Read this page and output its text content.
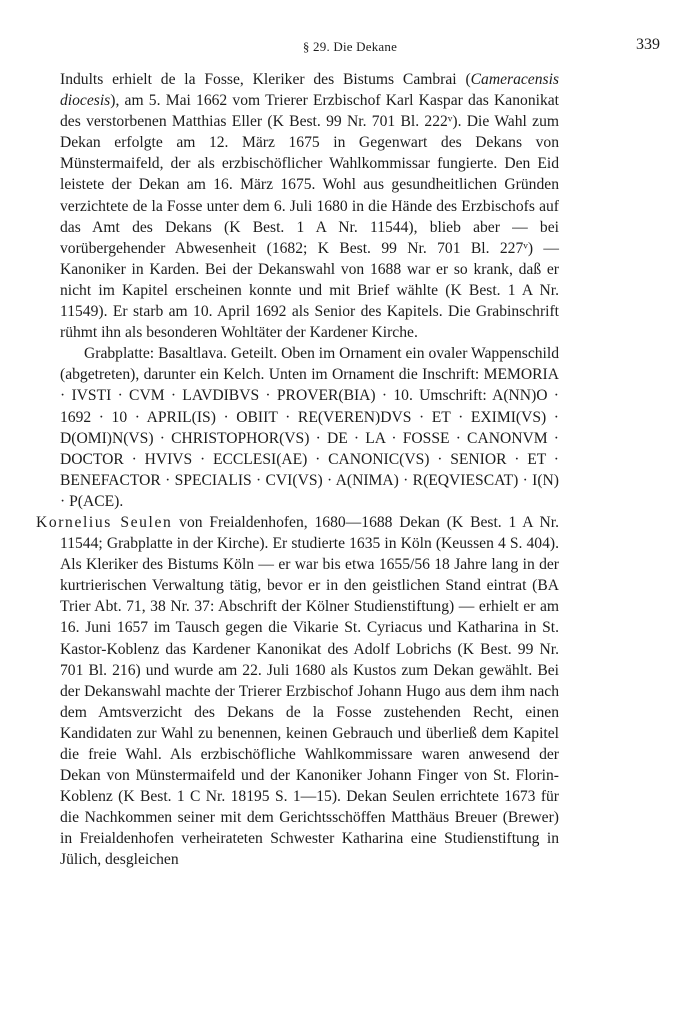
§ 29. Die Dekane	339

Indults erhielt de la Fosse, Kleriker des Bistums Cambrai (Cameracensis diocesis), am 5. Mai 1662 vom Trierer Erzbischof Karl Kaspar das Kanonikat des verstorbenen Matthias Eller (K Best. 99 Nr. 701 Bl. 222ᵛ). Die Wahl zum Dekan erfolgte am 12. März 1675 in Gegenwart des Dekans von Münstermaifeld, der als erzbischöflicher Wahlkommissar fungierte. Den Eid leistete der Dekan am 16. März 1675. Wohl aus gesundheitlichen Gründen verzichtete de la Fosse unter dem 6. Juli 1680 in die Hände des Erzbischofs auf das Amt des Dekans (K Best. 1 A Nr. 11544), blieb aber — bei vorübergehender Abwesenheit (1682; K Best. 99 Nr. 701 Bl. 227ᵛ) — Kanoniker in Karden. Bei der Dekanswahl von 1688 war er so krank, daß er nicht im Kapitel erscheinen konnte und mit Brief wählte (K Best. 1 A Nr. 11549). Er starb am 10. April 1692 als Senior des Kapitels. Die Grabinschrift rühmt ihn als besonderen Wohltäter der Kardener Kirche.

Grabplatte: Basaltlava. Geteilt. Oben im Ornament ein ovaler Wappenschild (abgetreten), darunter ein Kelch. Unten im Ornament die Inschrift: MEMORIA · IVSTI · CVM · LAVDIBVS · PROVER(BIA) · 10. Umschrift: A(NN)O · 1692 · 10 · APRIL(IS) · OBIIT · RE(VEREN)DVS · ET · EXIMI(VS) · D(OMI)N(VS) · CHRISTOPHOR(VS) · DE · LA · FOSSE · CANONVM · DOCTOR · HVIVS · ECCLESI(AE) · CANONIC(VS) · SENIOR · ET · BENEFACTOR · SPECIALIS · CVI(VS) · A(NIMA) · R(EQVIESCAT) · I(N) · P(ACE).

Kornelius Seulen von Freialdenhofen, 1680—1688 Dekan (K Best. 1 A Nr. 11544; Grabplatte in der Kirche). Er studierte 1635 in Köln (Keussen 4 S. 404). Als Kleriker des Bistums Köln — er war bis etwa 1655/56 18 Jahre lang in der kurtrierischen Verwaltung tätig, bevor er in den geistlichen Stand eintrat (BA Trier Abt. 71, 38 Nr. 37: Abschrift der Kölner Studienstiftung) — erhielt er am 16. Juni 1657 im Tausch gegen die Vikarie St. Cyriacus und Katharina in St. Kastor-Koblenz das Kardener Kanonikat des Adolf Lobrichs (K Best. 99 Nr. 701 Bl. 216) und wurde am 22. Juli 1680 als Kustos zum Dekan gewählt. Bei der Dekanswahl machte der Trierer Erzbischof Johann Hugo aus dem ihm nach dem Amtsverzicht des Dekans de la Fosse zustehenden Recht, einen Kandidaten zur Wahl zu benennen, keinen Gebrauch und überließ dem Kapitel die freie Wahl. Als erzbischöfliche Wahlkommissare waren anwesend der Dekan von Münstermaifeld und der Kanoniker Johann Finger von St. Florin-Koblenz (K Best. 1 C Nr. 18195 S. 1—15). Dekan Seulen errichtete 1673 für die Nachkommen seiner mit dem Gerichtsschöffen Matthäus Breuer (Brewer) in Freialdenhofen verheirateten Schwester Katharina eine Studienstiftung in Jülich, desgleichen
